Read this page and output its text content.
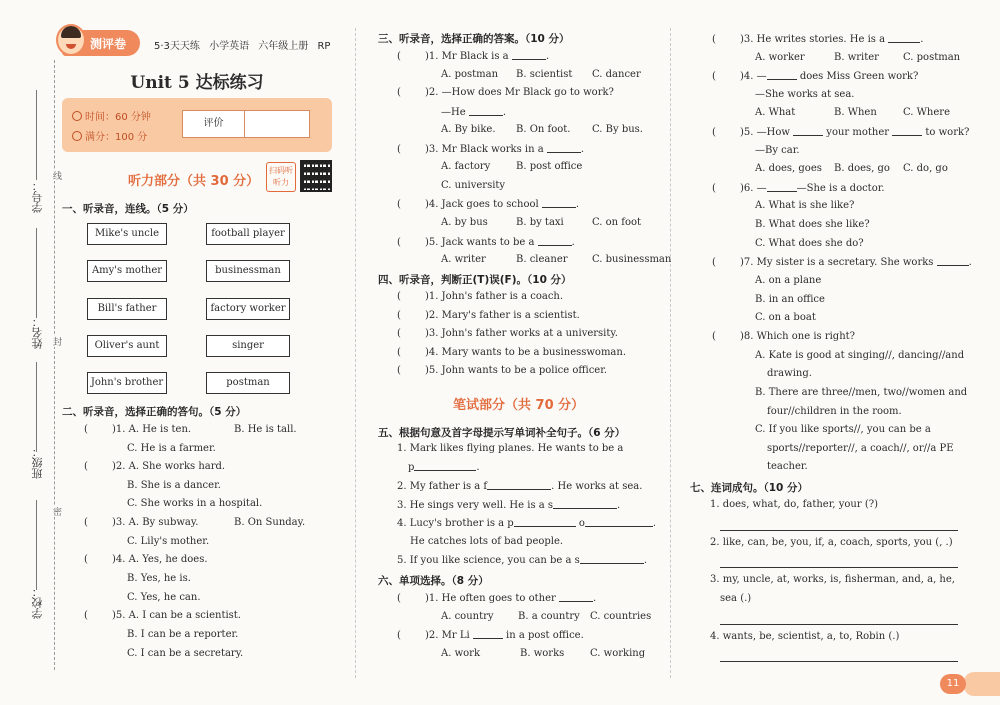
学号：
姓名：
班级：
学校：
线
封
密
测评卷	5·3天天练 小学英语 六年级上册 RP
Unit 5 达标练习
时间：60 分钟
满分：100 分
评价
听力部分（共 30 分）
扫码听听力
一、听录音，连线。（5 分）
Mike's uncle
Amy's mother
Bill's father
Oliver's aunt
John's brother
football player
businessman
factory worker
singer
postman
二、听录音，选择正确的答句。（5 分）
( )1. A. He is ten.	B. He is tall.
C. He is a farmer.
( )2. A. She works hard.
B. She is a dancer.
C. She works in a hospital.
( )3. A. By subway.	B. On Sunday.
C. Lily's mother.
( )4. A. Yes, he does.
B. Yes, he is.
C. Yes, he can.
( )5. A. I can be a scientist.
B. I can be a reporter.
C. I can be a secretary.
三、听录音，选择正确的答案。（10 分）
( )1. Mr Black is a	.
A. postman B. scientist C. dancer
( )2. —How does Mr Black go to work?
—He	.
A. By bike. B. On foot. C. By bus.
( )3. Mr Black works in a	.
A. factory	B. post office
C. university
( )4. Jack goes to school	.
A. by bus	B. by taxi	C. on foot
( )5. Jack wants to be a	.
A. writer	B. cleaner C. businessman
四、听录音，判断正(T)误(F)。（10 分）
( )1. John's father is a coach.
( )2. Mary's father is a scientist.
( )3. John's father works at a university.
( )4. Mary wants to be a businesswoman.
( )5. John wants to be a police officer.
笔试部分（共 70 分）
五、根据句意及首字母提示写单词补全句子。（6 分）
1. Mark likes flying planes. He wants to be a
p	.
2. My father is a f	. He works at sea.
3. He sings very well. He is a s	.
4. Lucy's brother is a p	o	.
He catches lots of bad people.
5. If you like science, you can be a s	.
六、单项选择。（8 分）
( )1. He often goes to other	.
A. country B. a country C. countries
( )2. Mr Li	in a post office.
A. work	B. works	C. working
( )3. He writes stories. He is a	.
A. worker	B. writer C. postman
( )4. —	does Miss Green work?
—She works at sea.
A. What	B. When	C. Where
( )5. —How	your mother	to work?
—By car.
A. does, goes B. does, go C. do, go
( )6. —	—She is a doctor.
A. What is she like?
B. What does she like?
C. What does she do?
( )7. My sister is a secretary. She works	.
A. on a plane
B. in an office
C. on a boat
( )8. Which one is right?
A. Kate is good at singing//, dancing//and
drawing.
B. There are three//men, two//women and
four//children in the room.
C. If you like sports//, you can be a
sports//reporter//, a coach//, or//a PE
teacher.
七、连词成句。（10 分）
1. does, what, do, father, your (?)
2. like, can, be, you, if, a, coach, sports, you (, .)
3. my, uncle, at, works, is, fisherman, and, a, he,
sea (.)
4. wants, be, scientist, a, to, Robin (.)
11
